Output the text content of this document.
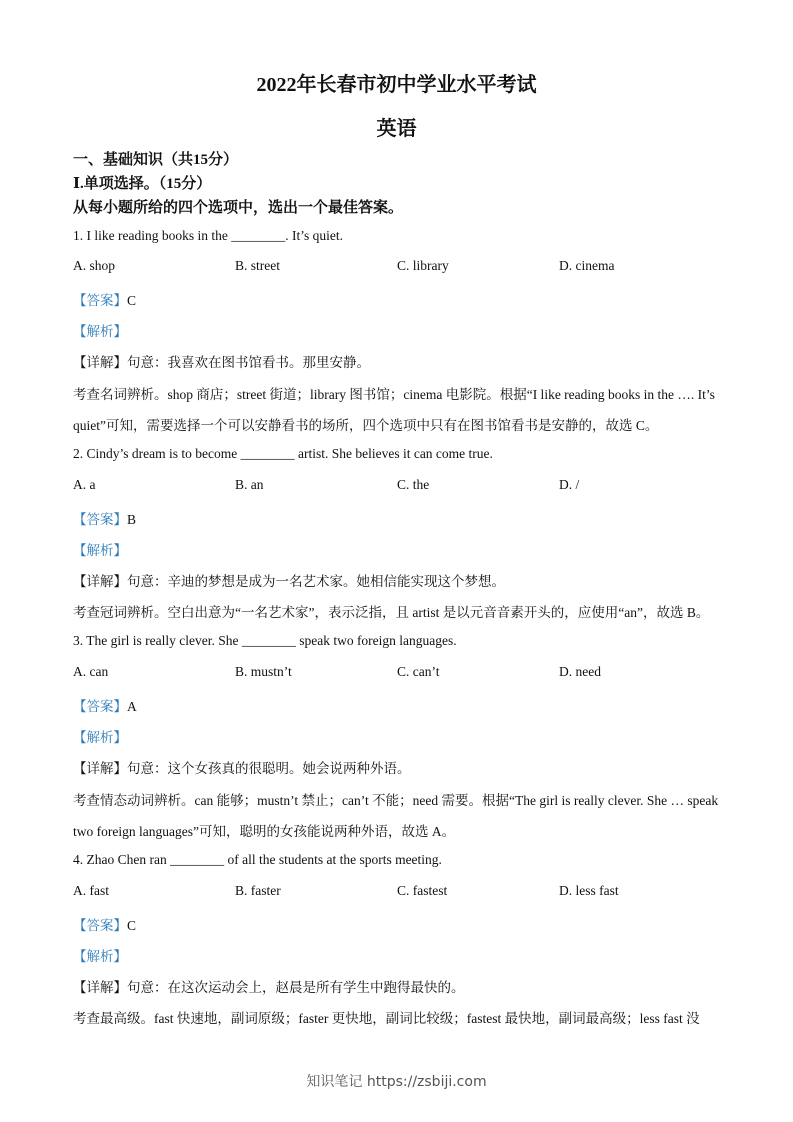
2022年长春市初中学业水平考试
英语
一、基础知识（共15分）
Ⅰ.单项选择。（15分）
从每小题所给的四个选项中，选出一个最佳答案。
1. I like reading books in the ________. It’s quiet.
A. shop	B. street	C. library	D. cinema
【答案】C
【解析】
【详解】句意：我喜欢在图书馆看书。那里安静。
考查名词辨析。shop 商店；street 街道；library 图书馆；cinema 电影院。根据“I like reading books in the …. It’s
quiet”可知，需要选择一个可以安静看书的场所，四个选项中只有在图书馆看书是安静的，故选 C。
2. Cindy’s dream is to become ________ artist. She believes it can come true.
A. a	B. an	C. the	D. /
【答案】B
【解析】
【详解】句意：辛迪的梦想是成为一名艺术家。她相信能实现这个梦想。
考查冠词辨析。空白出意为“一名艺术家”，表示泛指，且 artist 是以元音音素开头的，应使用“an”，故选 B。
3. The girl is really clever. She ________ speak two foreign languages.
A. can	B. mustn’t	C. can’t	D. need
【答案】A
【解析】
【详解】句意：这个女孩真的很聪明。她会说两种外语。
考查情态动词辨析。can 能够；mustn’t 禁止；can’t 不能；need 需要。根据“The girl is really clever. She … speak
two foreign languages”可知，聪明的女孩能说两种外语，故选 A。
4. Zhao Chen ran ________ of all the students at the sports meeting.
A. fast	B. faster	C. fastest	D. less fast
【答案】C
【解析】
【详解】句意：在这次运动会上，赵晨是所有学生中跑得最快的。
考查最高级。fast 快速地，副词原级；faster 更快地，副词比较级；fastest 最快地，副词最高级；less fast 没
知识笔记 https://zsbiji.com
